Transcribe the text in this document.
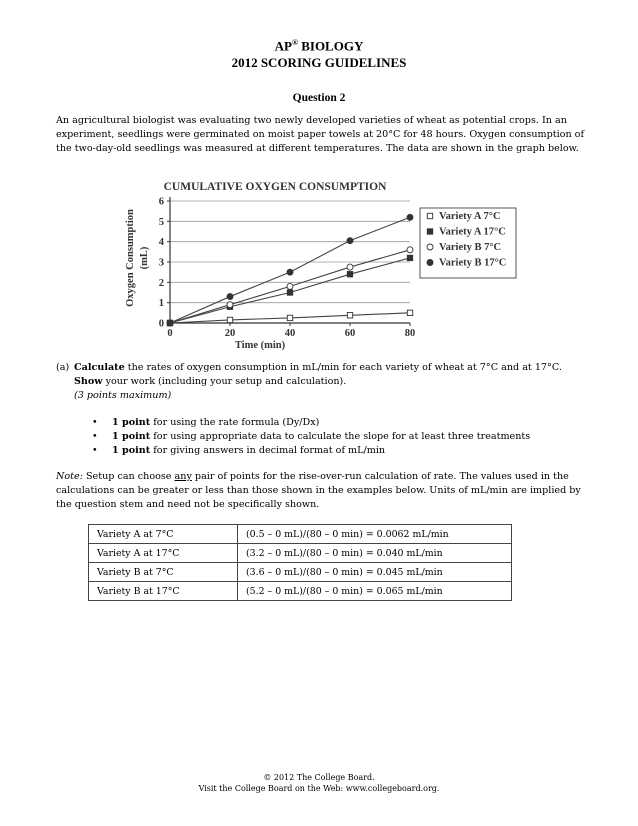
AP® BIOLOGY
2012 SCORING GUIDELINES
Question 2
An agricultural biologist was evaluating two newly developed varieties of wheat as potential crops. In an experiment, seedlings were germinated on moist paper towels at 20°C for 48 hours. Oxygen consumption of the two-day-old seedlings was measured at different temperatures. The data are shown in the graph below.
0
1
2
3
4
5
6
0	20	40	60	80
Variety A 7°C
Variety A 17°C
Variety B 7°C
Variety B 17°C
CUMULATIVE OXYGEN CONSUMPTION
Time (min)
Oxygen Consumption (mL)
(a) Calculate the rates of oxygen consumption in mL/min for each variety of wheat at 7°C and at 17°C.
Show your work (including your setup and calculation).
(3 points maximum)
• 1 point for using the rate formula (Dy/Dx)
• 1 point for using appropriate data to calculate the slope for at least three treatments
• 1 point for giving answers in decimal format of mL/min
Note: Setup can choose any pair of points for the rise-over-run calculation of rate. The values used in the calculations can be greater or less than those shown in the examples below. Units of mL/min are implied by the question stem and need not be specifically shown.
Variety A at 7°C	(0.5 – 0 mL)/(80 – 0 min) = 0.0062 mL/min
Variety A at 17°C	(3.2 – 0 mL)/(80 – 0 min) = 0.040 mL/min
Variety B at 7°C	(3.6 – 0 mL)/(80 – 0 min) = 0.045 mL/min
Variety B at 17°C	(5.2 – 0 mL)/(80 – 0 min) = 0.065 mL/min
© 2012 The College Board.
Visit the College Board on the Web: www.collegeboard.org.
